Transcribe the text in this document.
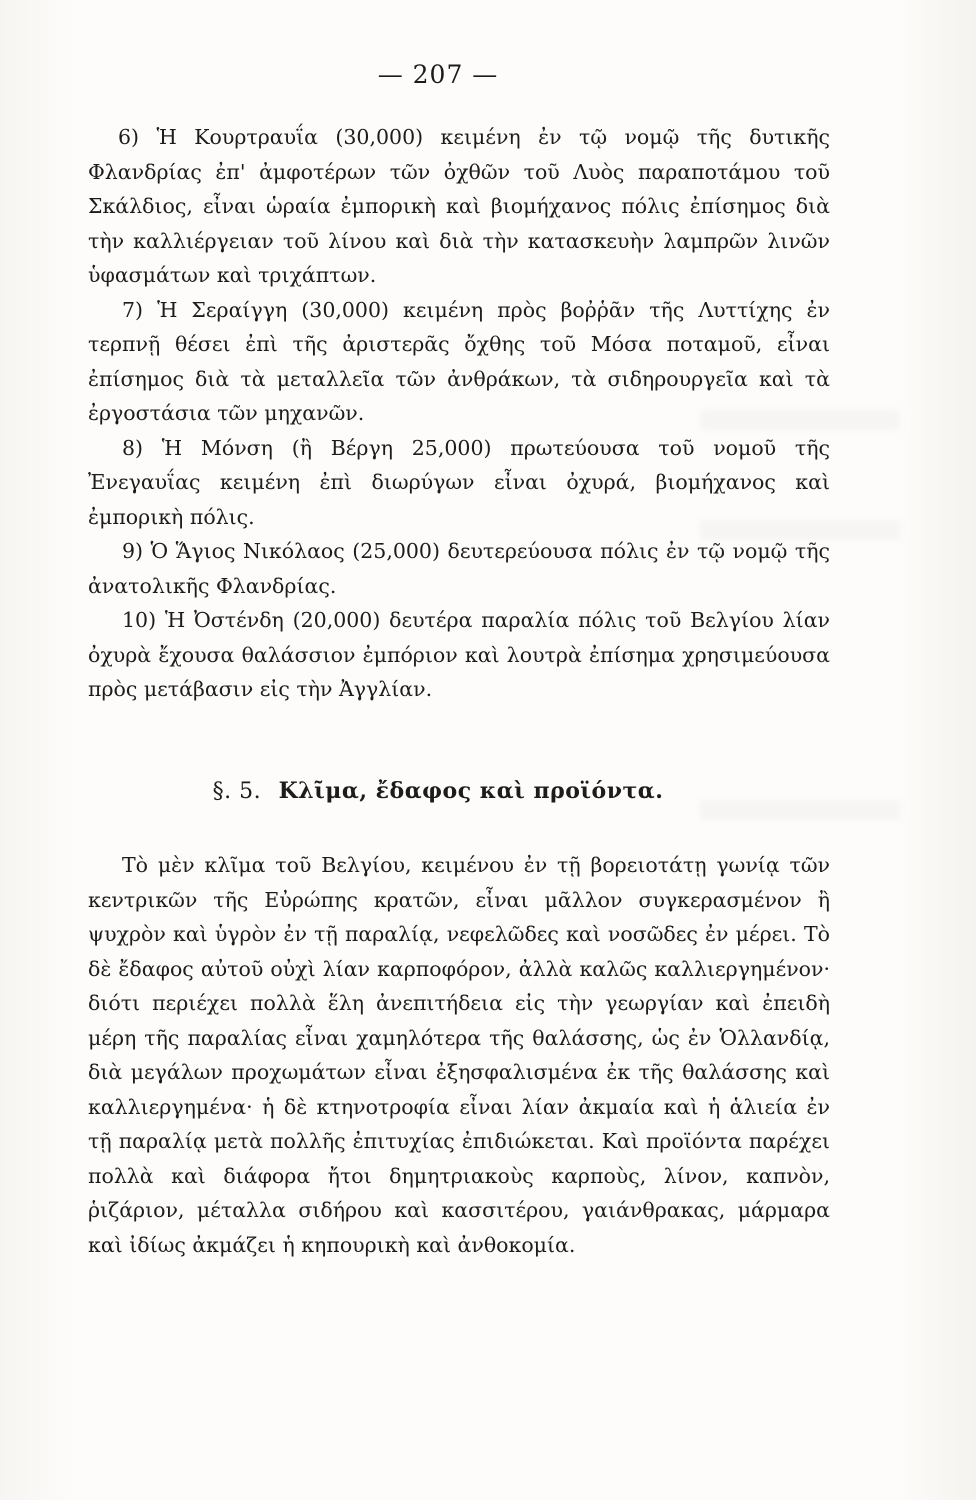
— 207 —

6) Ἡ Κουρτραυΐα (30,000) κειμένη ἐν τῷ νομῷ τῆς δυτικῆς Φλανδρίας ἐπ' ἀμφοτέρων τῶν ὀχθῶν τοῦ Λυὸς παραποτάμου τοῦ Σκάλδιος, εἶναι ὡραία ἐμπορικὴ καὶ βιομήχανος πόλις ἐπίσημος διὰ τὴν καλλιέργειαν τοῦ λίνου καὶ διὰ τὴν κατασκευὴν λαμπρῶν λινῶν ὑφασμάτων καὶ τριχάπτων.

7) Ἡ Σεραίγγη (30,000) κειμένη πρὸς βοῤῥᾶν τῆς Λυττίχης ἐν τερπνῇ θέσει ἐπὶ τῆς ἀριστερᾶς ὄχθης τοῦ Μόσα ποταμοῦ, εἶναι ἐπίσημος διὰ τὰ μεταλλεῖα τῶν ἀνθράκων, τὰ σιδηρουργεῖα καὶ τὰ ἐργοστάσια τῶν μηχανῶν.

8) Ἡ Μόνση (ἢ Βέργη 25,000) πρωτεύουσα τοῦ νομοῦ τῆς Ἐνεγαυΐας κειμένη ἐπὶ διωρύγων εἶναι ὀχυρά, βιομήχανος καὶ ἐμπορικὴ πόλις.

9) Ὁ Ἅγιος Νικόλαος (25,000) δευτερεύουσα πόλις ἐν τῷ νομῷ τῆς ἀνατολικῆς Φλανδρίας.

10) Ἡ Ὀστένδη (20,000) δευτέρα παραλία πόλις τοῦ Βελγίου λίαν ὀχυρὰ ἔχουσα θαλάσσιον ἐμπόριον καὶ λουτρὰ ἐπίσημα χρησιμεύουσα πρὸς μετάβασιν εἰς τὴν Ἀγγλίαν.

§. 5. Κλῖμα, ἔδαφος καὶ προϊόντα.

Τὸ μὲν κλῖμα τοῦ Βελγίου, κειμένου ἐν τῇ βορειοτάτῃ γωνίᾳ τῶν κεντρικῶν τῆς Εὐρώπης κρατῶν, εἶναι μᾶλλον συγκερασμένον ἢ ψυχρὸν καὶ ὑγρὸν ἐν τῇ παραλίᾳ, νεφελῶδες καὶ νοσῶδες ἐν μέρει. Τὸ δὲ ἔδαφος αὐτοῦ οὐχὶ λίαν καρποφόρον, ἀλλὰ καλῶς καλλιεργημένον· διότι περιέχει πολλὰ ἕλη ἀνεπιτήδεια εἰς τὴν γεωργίαν καὶ ἐπειδὴ μέρη τῆς παραλίας εἶναι χαμηλότερα τῆς θαλάσσης, ὡς ἐν Ὁλλανδίᾳ, διὰ μεγάλων προχωμάτων εἶναι ἐξησφαλισμένα ἐκ τῆς θαλάσσης καὶ καλλιεργημένα· ἡ δὲ κτηνοτροφία εἶναι λίαν ἀκμαία καὶ ἡ ἁλιεία ἐν τῇ παραλίᾳ μετὰ πολλῆς ἐπιτυχίας ἐπιδιώκεται. Καὶ προϊόντα παρέχει πολλὰ καὶ διάφορα ἤτοι δημητριακοὺς καρποὺς, λίνον, καπνὸν, ῥιζάριον, μέταλλα σιδήρου καὶ κασσιτέρου, γαιάνθρακας, μάρμαρα καὶ ἰδίως ἀκμάζει ἡ κηπουρικὴ καὶ ἀνθοκομία.
